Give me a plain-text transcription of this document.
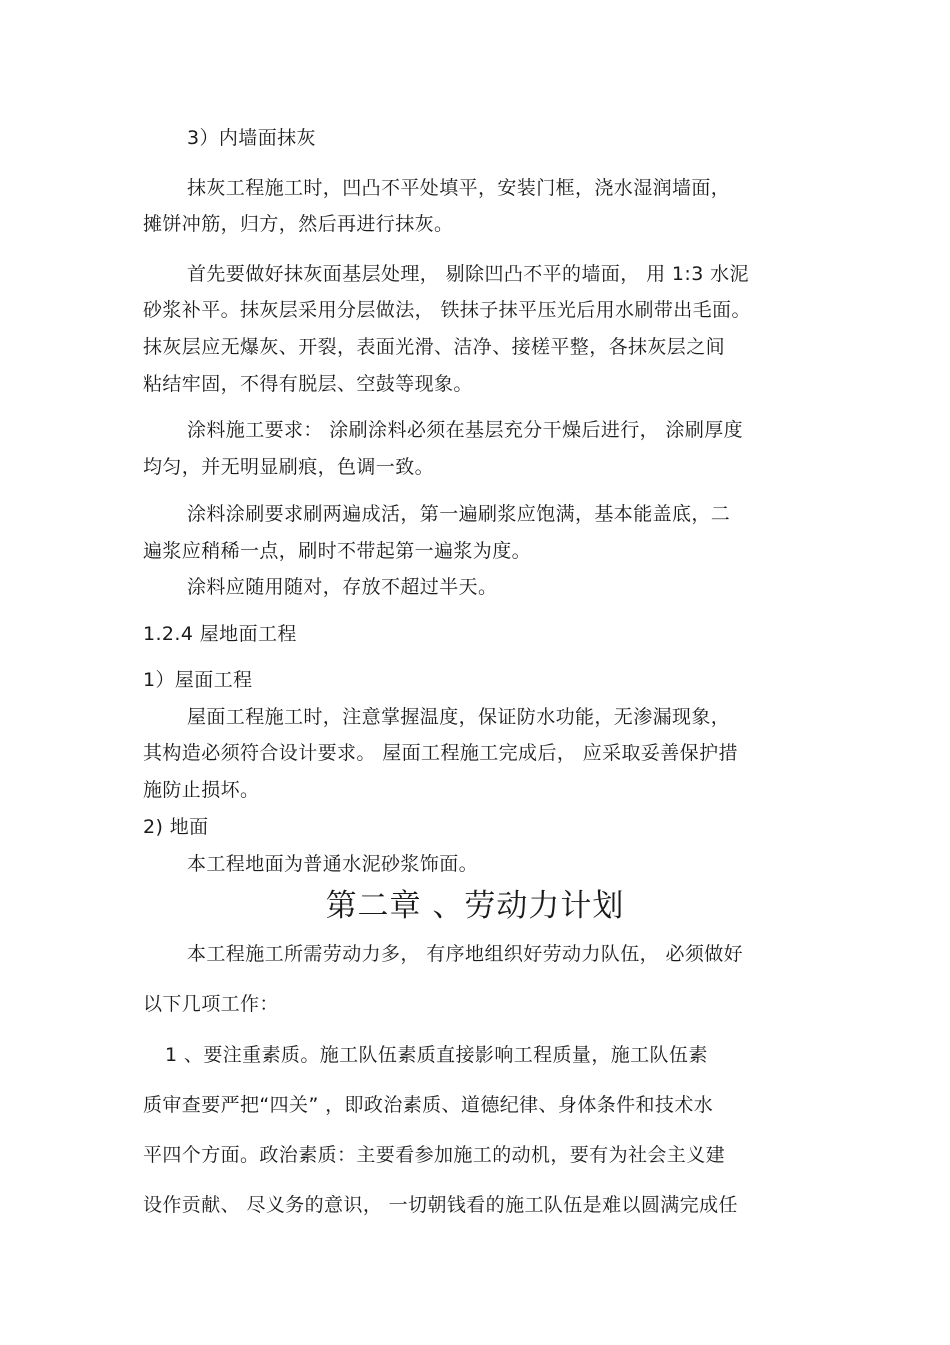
3）内墙面抹灰
抹灰工程施工时，凹凸不平处填平，安装门框，浇水湿润墙面，
摊饼冲筋，归方，然后再进行抹灰。
首先要做好抹灰面基层处理， 剔除凹凸不平的墙面， 用 1:3 水泥
砂浆补平。抹灰层采用分层做法， 铁抹子抹平压光后用水刷带出毛面。
抹灰层应无爆灰、开裂，表面光滑、洁净、接槎平整，各抹灰层之间
粘结牢固，不得有脱层、空鼓等现象。
涂料施工要求： 涂刷涂料必须在基层充分干燥后进行， 涂刷厚度
均匀，并无明显刷痕，色调一致。
涂料涂刷要求刷两遍成活，第一遍刷浆应饱满，基本能盖底，二
遍浆应稍稀一点，刷时不带起第一遍浆为度。
涂料应随用随对，存放不超过半天。
1.2.4 屋地面工程
1）屋面工程
屋面工程施工时，注意掌握温度，保证防水功能，无渗漏现象，
其构造必须符合设计要求。 屋面工程施工完成后， 应采取妥善保护措
施防止损坏。
2) 地面
本工程地面为普通水泥砂浆饰面。
第二章 、劳动力计划
本工程施工所需劳动力多， 有序地组织好劳动力队伍， 必须做好
以下几项工作：
1 、要注重素质。施工队伍素质直接影响工程质量，施工队伍素
质审查要严把“四关” ，即政治素质、道德纪律、身体条件和技术水
平四个方面。政治素质：主要看参加施工的动机，要有为社会主义建
设作贡献、 尽义务的意识， 一切朝钱看的施工队伍是难以圆满完成任
